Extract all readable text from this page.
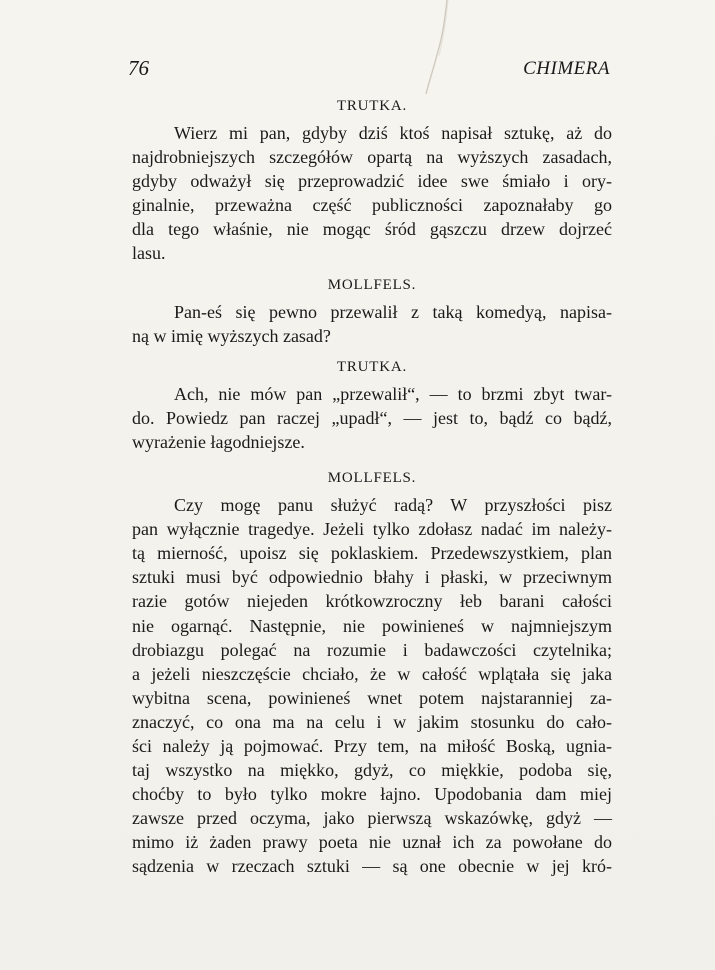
76	CHIMERA
TRUTKA.
Wierz mi pan, gdyby dziś ktoś napisał sztukę, aż do
najdrobniejszych szczegółów opartą na wyższych zasadach,
gdyby odważył się przeprowadzić idee swe śmiało i ory-
ginalnie, przeważna część publiczności zapoznałaby go
dla tego właśnie, nie mogąc śród gąszczu drzew dojrzeć
lasu.
MOLLFELS.
Pan-eś się pewno przewalił z taką komedyą, napisa-
ną w imię wyższych zasad?
TRUTKA.
Ach, nie mów pan „przewalił“, — to brzmi zbyt twar-
do. Powiedz pan raczej „upadł“, — jest to, bądź co bądź,
wyrażenie łagodniejsze.
MOLLFELS.
Czy mogę panu służyć radą? W przyszłości pisz
pan wyłącznie tragedye. Jeżeli tylko zdołasz nadać im należy-
tą mierność, upoisz się poklaskiem. Przedewszystkiem, plan
sztuki musi być odpowiednio błahy i płaski, w przeciwnym
razie gotów niejeden krótkowzroczny łeb barani całości
nie ogarnąć. Następnie, nie powinieneś w najmniejszym
drobiazgu polegać na rozumie i badawczości czytelnika;
a jeżeli nieszczęście chciało, że w całość wplątała się jaka
wybitna scena, powinieneś wnet potem najstaranniej za-
znaczyć, co ona ma na celu i w jakim stosunku do cało-
ści należy ją pojmować. Przy tem, na miłość Boską, ugnia-
taj wszystko na miękko, gdyż, co miękkie, podoba się,
choćby to było tylko mokre łajno. Upodobania dam miej
zawsze przed oczyma, jako pierwszą wskazówkę, gdyż —
mimo iż żaden prawy poeta nie uznał ich za powołane do
sądzenia w rzeczach sztuki — są one obecnie w jej kró-
